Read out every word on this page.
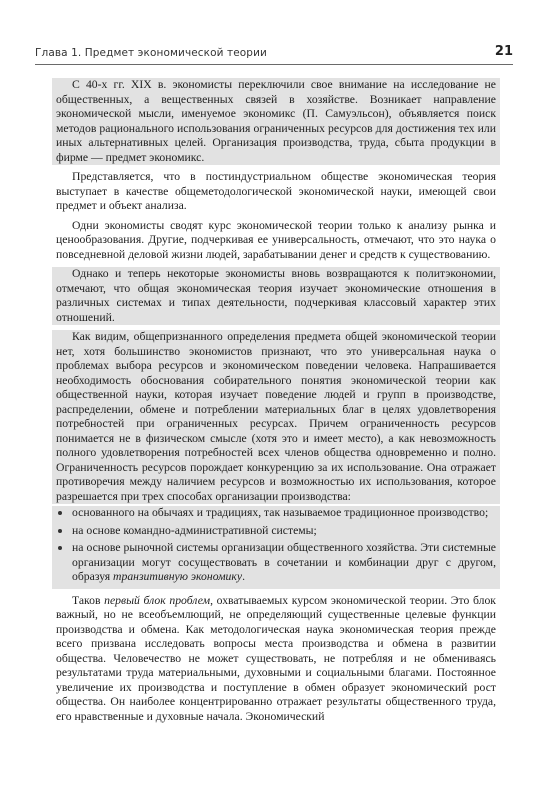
Глава 1. Предмет экономической теории	21

С 40-х гг. XIX в. экономисты переключили свое внимание на исследование не общественных, а вещественных связей в хозяйстве. Возникает направление экономической мысли, именуемое экономикс (П. Самуэльсон), объявляется поиск методов рационального использования ограниченных ресурсов для достижения тех или иных альтернативных целей. Организация производства, труда, сбыта продукции в фирме — предмет экономикс.

Представляется, что в постиндустриальном обществе экономическая теория выступает в качестве общеметодологической экономической науки, имеющей свои предмет и объект анализа.

Одни экономисты сводят курс экономической теории только к анализу рынка и ценообразования. Другие, подчеркивая ее универсальность, отмечают, что это наука о повседневной деловой жизни людей, зарабатывании денег и средств к существованию.

Однако и теперь некоторые экономисты вновь возвращаются к политэкономии, отмечают, что общая экономическая теория изучает экономические отношения в различных системах и типах деятельности, подчеркивая классовый характер этих отношений.

Как видим, общепризнанного определения предмета общей экономической теории нет, хотя большинство экономистов признают, что это универсальная наука о проблемах выбора ресурсов и экономическом поведении человека. Напрашивается необходимость обоснования собирательного понятия экономической теории как общественной науки, которая изучает поведение людей и групп в производстве, распределении, обмене и потреблении материальных благ в целях удовлетворения потребностей при ограниченных ресурсах. Причем ограниченность ресурсов понимается не в физическом смысле (хотя это и имеет место), а как невозможность полного удовлетворения потребностей всех членов общества одновременно и полно. Ограниченность ресурсов порождает конкуренцию за их использование. Она отражает противоречия между наличием ресурсов и возможностью их использования, которое разрешается при трех способах организации производства:

основанного на обычаях и традициях, так называемое традиционное производство;
на основе командно-административной системы;
на основе рыночной системы организации общественного хозяйства. Эти системные организации могут сосуществовать в сочетании и комбинации друг с другом, образуя транзитивную экономику.

Таков первый блок проблем, охватываемых курсом экономической теории. Это блок важный, но не всеобъемлющий, не определяющий существенные целевые функции производства и обмена. Как методологическая наука экономическая теория прежде всего призвана исследовать вопросы места производства и обмена в развитии общества. Человечество не может существовать, не потребляя и не обмениваясь результатами труда материальными, духовными и социальными благами. Постоянное увеличение их производства и поступление в обмен образует экономический рост общества. Он наиболее концентрированно отражает результаты общественного труда, его нравственные и духовные начала. Экономический
